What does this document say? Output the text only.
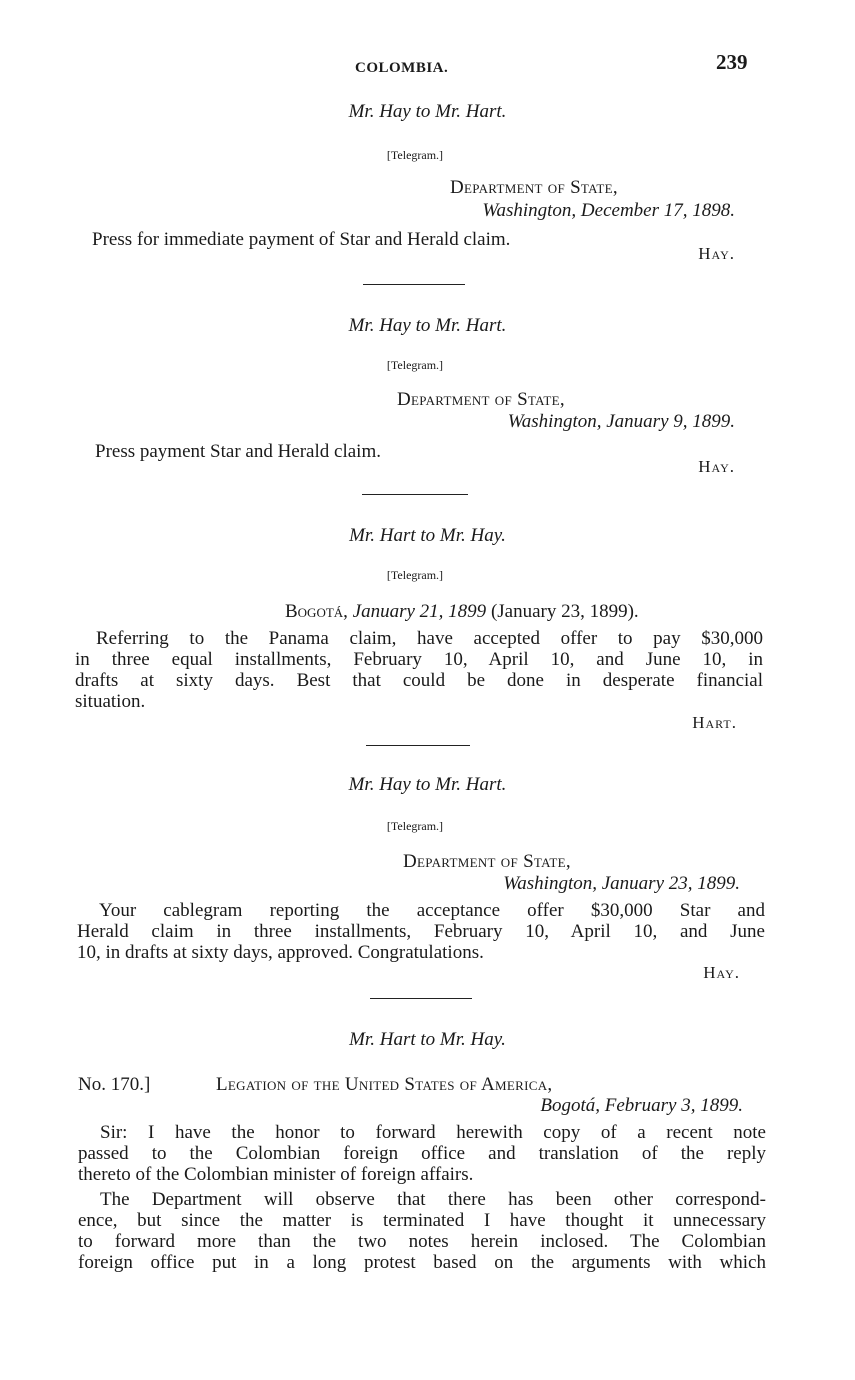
COLOMBIA.	239
Mr. Hay to Mr. Hart.
[Telegram.]
Department of State,
Washington, December 17, 1898.
Press for immediate payment of Star and Herald claim.
Hay.
Mr. Hay to Mr. Hart.
[Telegram.]
Department of State,
Washington, January 9, 1899.
Press payment Star and Herald claim.
Hay.
Mr. Hart to Mr. Hay.
[Telegram.]
Bogotá, January 21, 1899 (January 23, 1899).
Referring to the Panama claim, have accepted offer to pay $30,000
in three equal installments, February 10, April 10, and June 10, in
drafts at sixty days. Best that could be done in desperate financial
situation.
Hart.
Mr. Hay to Mr. Hart.
[Telegram.]
Department of State,
Washington, January 23, 1899.
Your cablegram reporting the acceptance offer $30,000 Star and
Herald claim in three installments, February 10, April 10, and June
10, in drafts at sixty days, approved. Congratulations.
Hay.
Mr. Hart to Mr. Hay.
No. 170.]	Legation of the United States of America,
Bogotá, February 3, 1899.
Sir: I have the honor to forward herewith copy of a recent note
passed to the Colombian foreign office and translation of the reply
thereto of the Colombian minister of foreign affairs.
The Department will observe that there has been other correspond-
ence, but since the matter is terminated I have thought it unnecessary
to forward more than the two notes herein inclosed. The Colombian
foreign office put in a long protest based on the arguments with which
